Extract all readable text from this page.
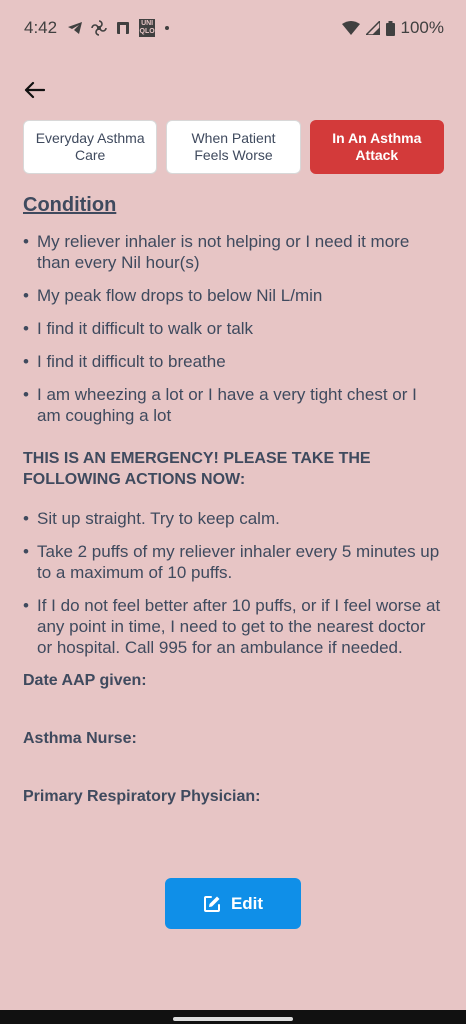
4:42	UNI QLO	100%
Everyday Asthma Care
When Patient Feels Worse
In An Asthma Attack
Condition
• My reliever inhaler is not helping or I need it more than every Nil hour(s)
• My peak flow drops to below Nil L/min
• I find it difficult to walk or talk
• I find it difficult to breathe
• I am wheezing a lot or I have a very tight chest or I am coughing a lot
THIS IS AN EMERGENCY! PLEASE TAKE THE FOLLOWING ACTIONS NOW:
• Sit up straight. Try to keep calm.
• Take 2 puffs of my reliever inhaler every 5 minutes up to a maximum of 10 puffs.
• If I do not feel better after 10 puffs, or if I feel worse at any point in time, I need to get to the nearest doctor or hospital. Call 995 for an ambulance if needed.
Date AAP given:
Asthma Nurse:
Primary Respiratory Physician:
Edit
